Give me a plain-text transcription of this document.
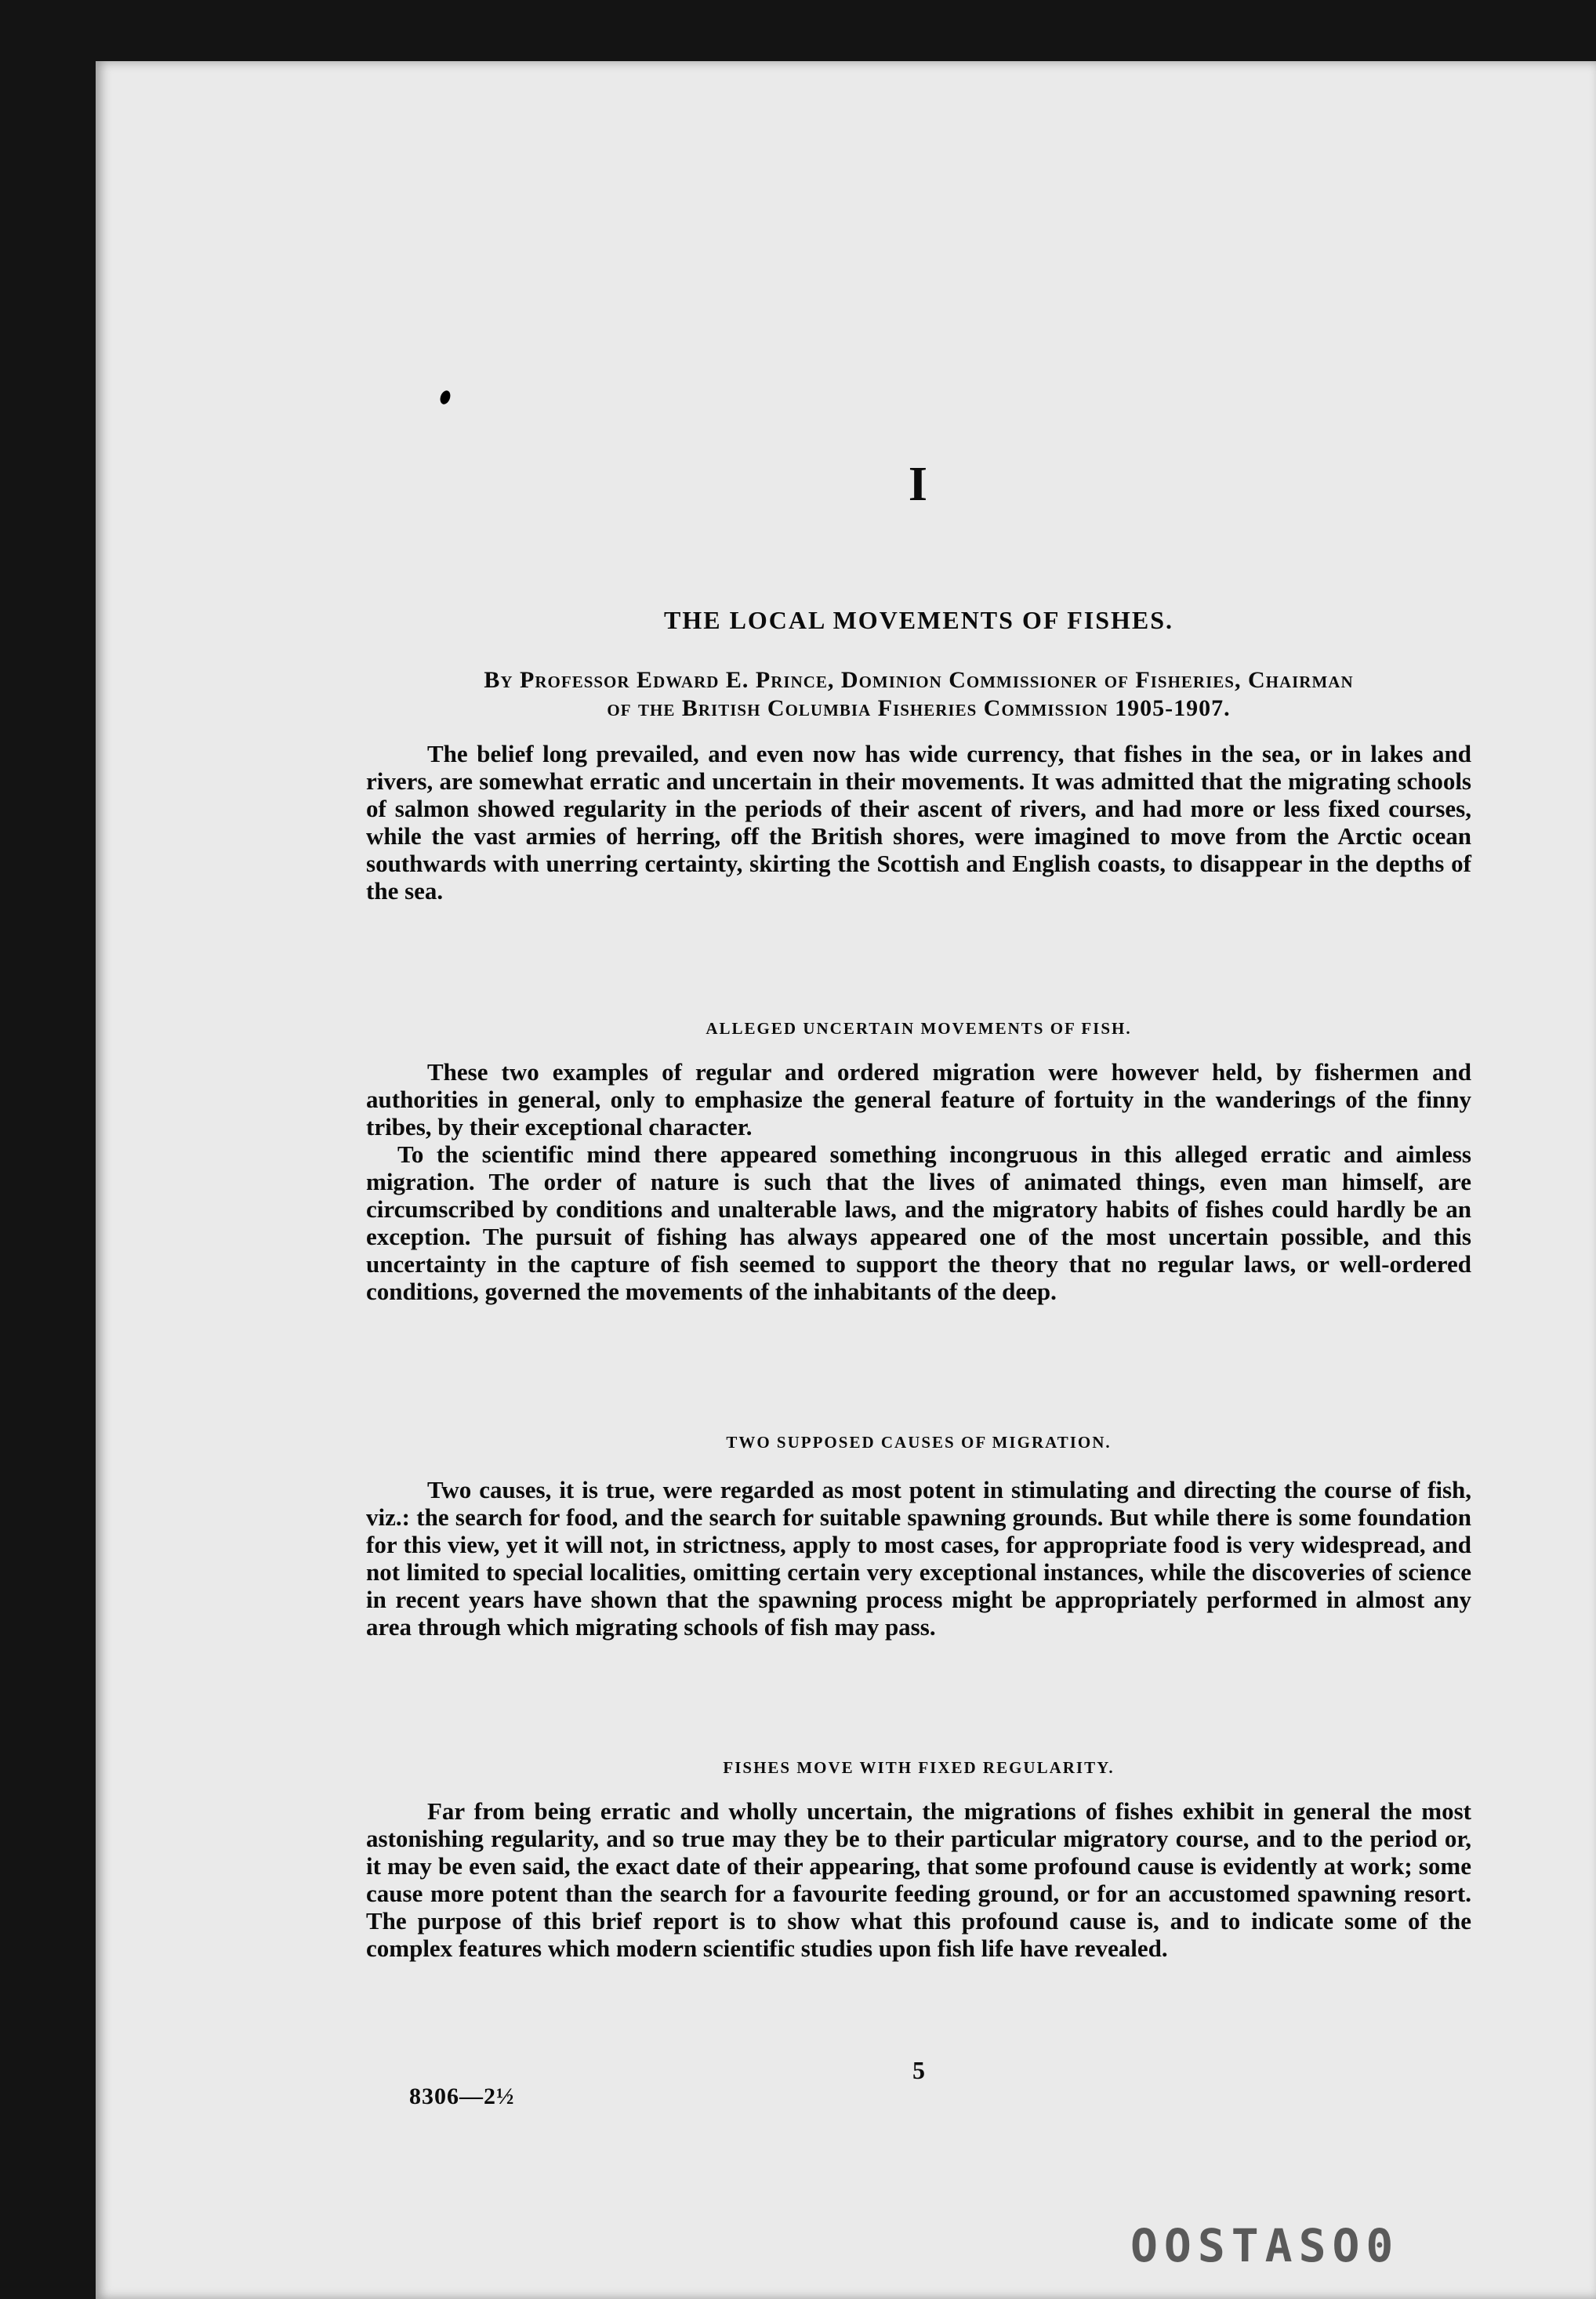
I
THE LOCAL MOVEMENTS OF FISHES.
By Professor Edward E. Prince, Dominion Commissioner of Fisheries, Chairman
of the British Columbia Fisheries Commission 1905-1907.

The belief long prevailed, and even now has wide currency, that fishes in the sea, or in lakes and rivers, are somewhat erratic and uncertain in their movements. It was admitted that the migrating schools of salmon showed regularity in the periods of their ascent of rivers, and had more or less fixed courses, while the vast armies of herring, off the British shores, were imagined to move from the Arctic ocean southwards with unerring certainty, skirting the Scottish and English coasts, to disappear in the depths of the sea.

ALLEGED UNCERTAIN MOVEMENTS OF FISH.

These two examples of regular and ordered migration were however held, by fishermen and authorities in general, only to emphasize the general feature of fortuity in the wanderings of the finny tribes, by their exceptional character.

To the scientific mind there appeared something incongruous in this alleged erratic and aimless migration. The order of nature is such that the lives of animated things, even man himself, are circumscribed by conditions and unalterable laws, and the migratory habits of fishes could hardly be an exception. The pursuit of fishing has always appeared one of the most uncertain possible, and this uncertainty in the capture of fish seemed to support the theory that no regular laws, or well-ordered conditions, governed the movements of the inhabitants of the deep.

TWO SUPPOSED CAUSES OF MIGRATION.

Two causes, it is true, were regarded as most potent in stimulating and directing the course of fish, viz.: the search for food, and the search for suitable spawning grounds. But while there is some foundation for this view, yet it will not, in strictness, apply to most cases, for appropriate food is very widespread, and not limited to special localities, omitting certain very exceptional instances, while the discoveries of science in recent years have shown that the spawning process might be appropriately performed in almost any area through which migrating schools of fish may pass.

FISHES MOVE WITH FIXED REGULARITY.

Far from being erratic and wholly uncertain, the migrations of fishes exhibit in general the most astonishing regularity, and so true may they be to their particular migratory course, and to the period or, it may be even said, the exact date of their appearing, that some profound cause is evidently at work; some cause more potent than the search for a favourite feeding ground, or for an accustomed spawning resort. The purpose of this brief report is to show what this profound cause is, and to indicate some of the complex features which modern scientific studies upon fish life have revealed.

5
8306—2½
OOSTASO0
